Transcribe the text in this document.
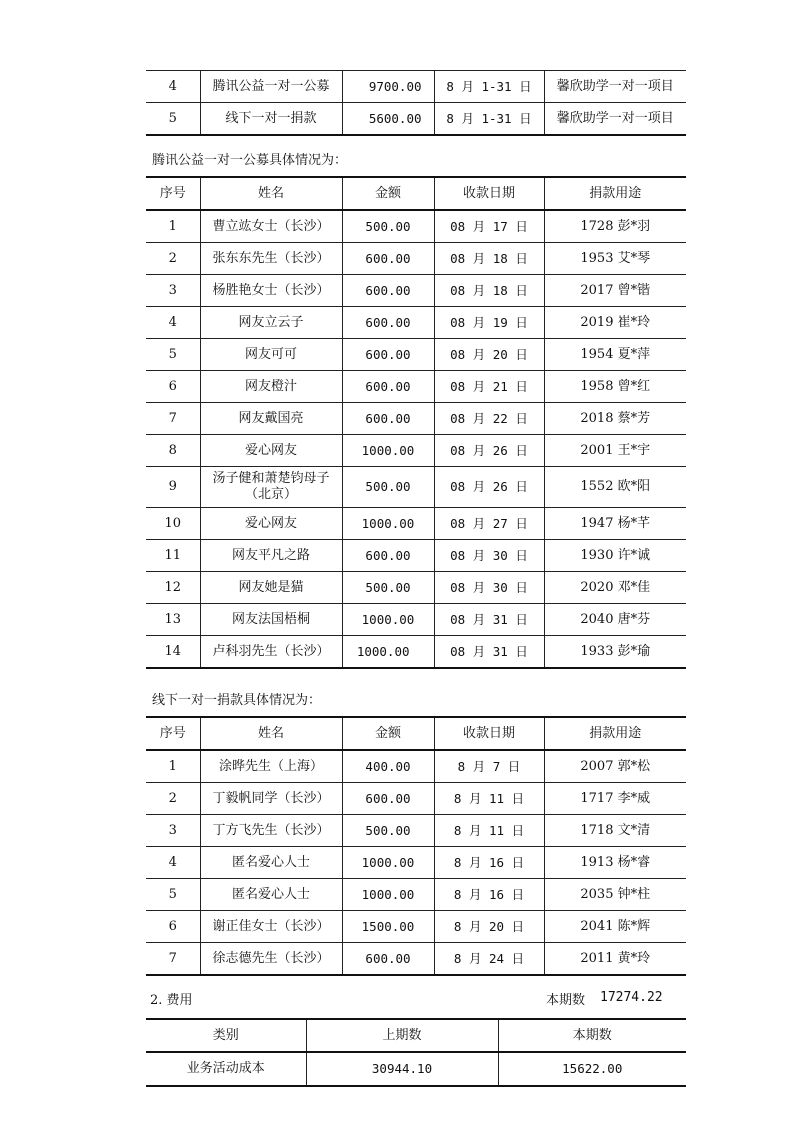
4	腾讯公益一对一公募	9700.00	8 月 1-31 日	馨欣助学一对一项目
5	线下一对一捐款	5600.00	8 月 1-31 日	馨欣助学一对一项目
腾讯公益一对一公募具体情况为：
序号	姓名	金额	收款日期	捐款用途
1	曹立竑女士（长沙）	500.00	08 月 17 日	1728 彭*羽
2	张东东先生（长沙）	600.00	08 月 18 日	1953 艾*琴
3	杨胜艳女士（长沙）	600.00	08 月 18 日	2017 曾*锴
4	网友立云子	600.00	08 月 19 日	2019 崔*玲
5	网友可可	600.00	08 月 20 日	1954 夏*萍
6	网友橙汁	600.00	08 月 21 日	1958 曾*红
7	网友戴国亮	600.00	08 月 22 日	2018 蔡*芳
8	爱心网友	1000.00	08 月 26 日	2001 王*宇
9	汤子健和萧楚钧母子
（北京）	500.00	08 月 26 日	1552 欧*阳
10	爱心网友	1000.00	08 月 27 日	1947 杨*芊
11	网友平凡之路	600.00	08 月 30 日	1930 许*诚
12	网友她是猫	500.00	08 月 30 日	2020 邓*佳
13	网友法国梧桐	1000.00	08 月 31 日	2040 唐*芬
14	卢科羽先生（长沙）	1000.00	08 月 31 日	1933 彭*瑜
线下一对一捐款具体情况为：
序号	姓名	金额	收款日期	捐款用途
1	涂晔先生（上海）	400.00	8 月 7 日	2007 郭*松
2	丁毅帆同学（长沙）	600.00	8 月 11 日	1717 李*威
3	丁方飞先生（长沙）	500.00	8 月 11 日	1718 文*清
4	匿名爱心人士	1000.00	8 月 16 日	1913 杨*睿
5	匿名爱心人士	1000.00	8 月 16 日	2035 钟*柱
6	谢正佳女士（长沙）	1500.00	8 月 20 日	2041 陈*辉
7	徐志德先生（长沙）	600.00	8 月 24 日	2011 黄*玲
2. 费用	本期数 17274.22
类别	上期数	本期数
业务活动成本	30944.10	15622.00
